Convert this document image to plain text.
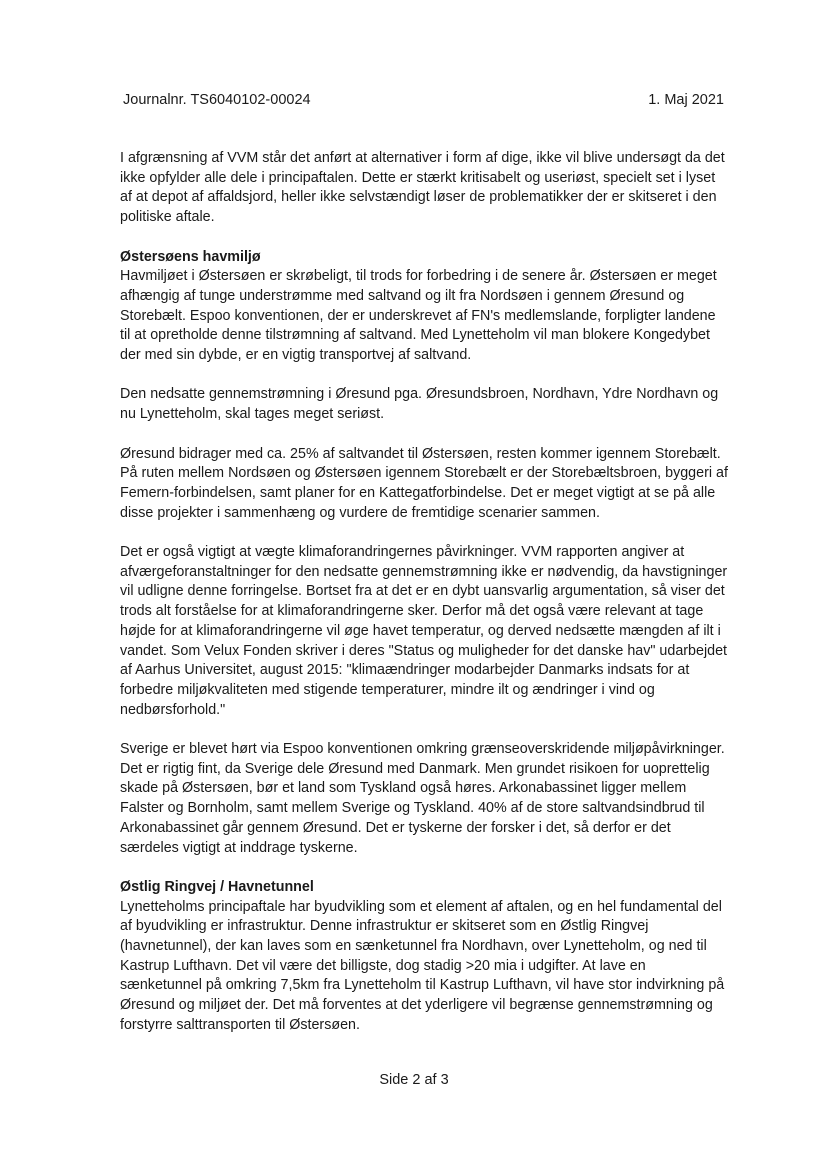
Journalnr. TS6040102-00024	1. Maj 2021

I afgrænsning af VVM står det anført at alternativer i form af dige, ikke vil blive undersøgt da det ikke opfylder alle dele i principaftalen. Dette er stærkt kritisabelt og useriøst, specielt set i lyset af at depot af affaldsjord, heller ikke selvstændigt løser de problematikker der er skitseret i den politiske aftale.

Østersøens havmiljø

Havmiljøet i Østersøen er skrøbeligt, til trods for forbedring i de senere år. Østersøen er meget afhængig af tunge understrømme med saltvand og ilt fra Nordsøen i gennem Øresund og Storebælt. Espoo konventionen, der er underskrevet af FN's medlemslande, forpligter landene til at opretholde denne tilstrømning af saltvand. Med Lynetteholm vil man blokere Kongedybet der med sin dybde, er en vigtig transportvej af saltvand.

Den nedsatte gennemstrømning i Øresund pga. Øresundsbroen, Nordhavn, Ydre Nordhavn og nu Lynetteholm, skal tages meget seriøst.

Øresund bidrager med ca. 25% af saltvandet til Østersøen, resten kommer igennem Storebælt. På ruten mellem Nordsøen og Østersøen igennem Storebælt er der Storebæltsbroen, byggeri af Femern-forbindelsen, samt planer for en Kattegatforbindelse. Det er meget vigtigt at se på alle disse projekter i sammenhæng og vurdere de fremtidige scenarier sammen.

Det er også vigtigt at vægte klimaforandringernes påvirkninger. VVM rapporten angiver at afværgeforanstaltninger for den nedsatte gennemstrømning ikke er nødvendig, da havstigninger vil udligne denne forringelse. Bortset fra at det er en dybt uansvarlig argumentation, så viser det trods alt forståelse for at klimaforandringerne sker. Derfor må det også være relevant at tage højde for at klimaforandringerne vil øge havet temperatur, og derved nedsætte mængden af ilt i vandet. Som Velux Fonden skriver i deres "Status og muligheder for det danske hav" udarbejdet af Aarhus Universitet, august 2015: "klimaændringer modarbejder Danmarks indsats for at forbedre miljøkvaliteten med stigende temperaturer, mindre ilt og ændringer i vind og nedbørsforhold."

Sverige er blevet hørt via Espoo konventionen omkring grænseoverskridende miljøpåvirkninger. Det er rigtig fint, da Sverige dele Øresund med Danmark. Men grundet risikoen for uoprettelig skade på Østersøen, bør et land som Tyskland også høres. Arkonabassinet ligger mellem Falster og Bornholm, samt mellem Sverige og Tyskland. 40% af de store saltvandsindbrud til Arkonabassinet går gennem Øresund. Det er tyskerne der forsker i det, så derfor er det særdeles vigtigt at inddrage tyskerne.

Østlig Ringvej / Havnetunnel

Lynetteholms principaftale har byudvikling som et element af aftalen, og en hel fundamental del af byudvikling er infrastruktur. Denne infrastruktur er skitseret som en Østlig Ringvej (havnetunnel), der kan laves som en sænketunnel fra Nordhavn, over Lynetteholm, og ned til Kastrup Lufthavn. Det vil være det billigste, dog stadig >20 mia i udgifter. At lave en sænketunnel på omkring 7,5km fra Lynetteholm til Kastrup Lufthavn, vil have stor indvirkning på Øresund og miljøet der. Det må forventes at det yderligere vil begrænse gennemstrømning og forstyrre salttransporten til Østersøen.

Side 2 af 3
